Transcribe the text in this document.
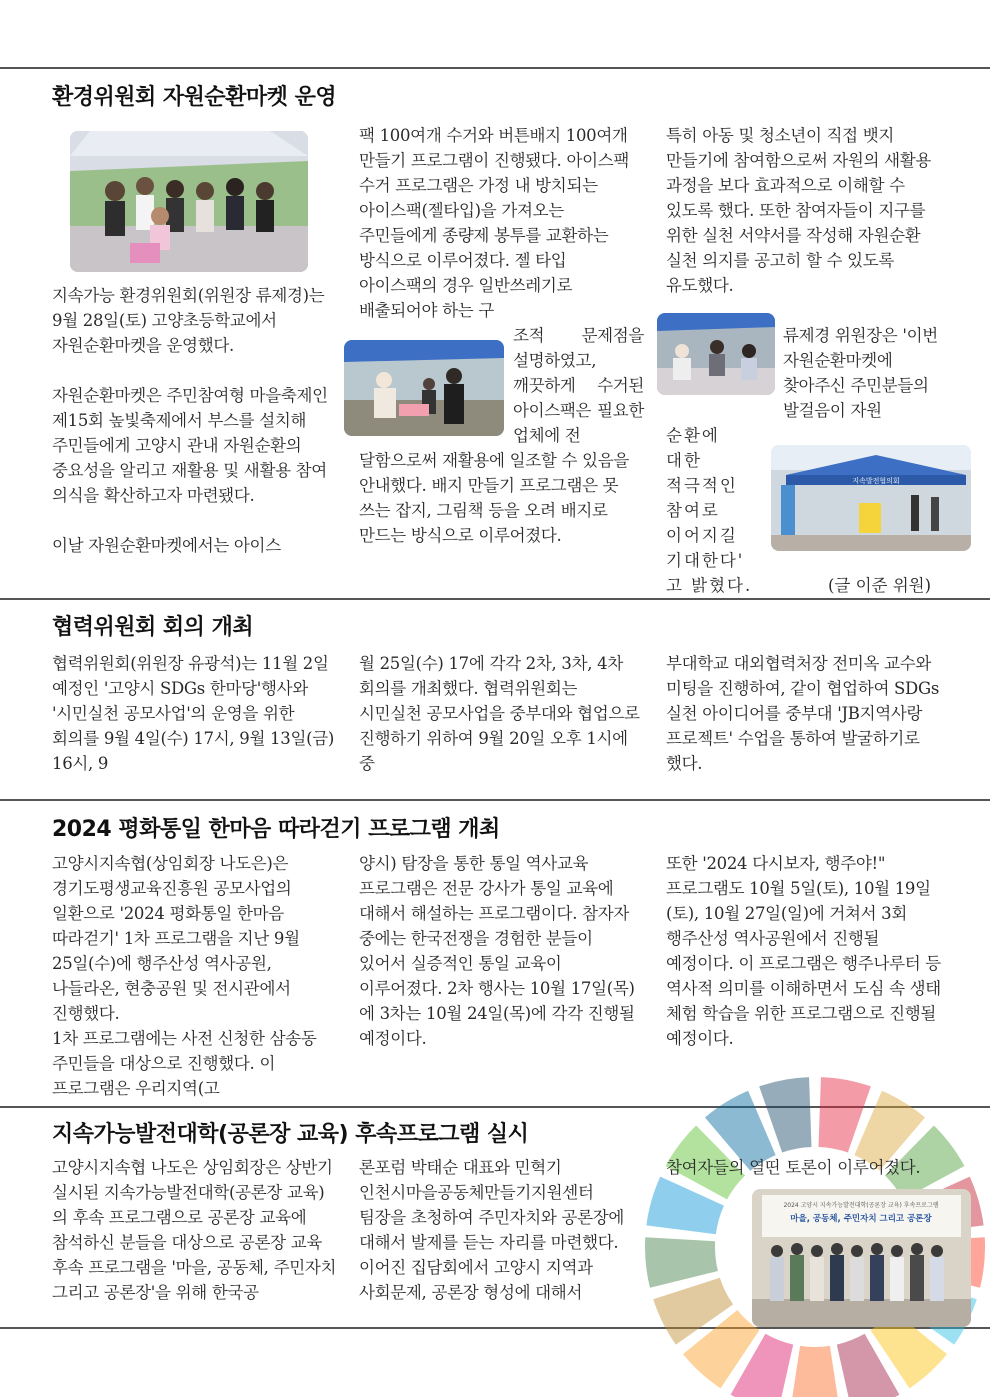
환경위원회 자원순환마켓 운영

지속가능 환경위원회(위원장 류제경)는 9월 28일(토) 고양초등학교에서 자원순환마켓을 운영했다.

자원순환마켓은 주민참여형 마을축제인 제15회 높빛축제에서 부스를 설치해 주민들에게 고양시 관내 자원순환의 중요성을 알리고 재활용 및 새활용 참여 의식을 확산하고자 마련됐다.

이날 자원순환마켓에서는 아이스

팩 100여개 수거와 버튼배지 100여개 만들기 프로그램이 진행됐다. 아이스팩 수거 프로그램은 가정 내 방치되는 아이스팩(젤타입)을 가져오는 주민들에게 종량제 봉투를 교환하는 방식으로 이루어졌다. 젤 타입 아이스팩의 경우 일반쓰레기로 배출되어야 하는 구
조적 문제점을 설명하였고, 깨끗하게 수거된 아이스팩은 필요한 업체에 전
달함으로써 재활용에 일조할 수 있음을 안내했다. 배지 만들기 프로그램은 못 쓰는 잡지, 그림책 등을 오려 배지로 만드는 방식으로 이루어졌다.
특히 아동 및 청소년이 직접 뱃지 만들기에 참여함으로써 자원의 새활용 과정을 보다 효과적으로 이해할 수 있도록 했다. 또한 참여자들이 지구를 위한 실천 서약서를 작성해 자원순환 실천 의지를 공고히 할 수 있도록 유도했다.
류제경 위원장은 '이번 자원순환마켓에 찾아주신 주민분들의 발걸음이 자원
순환에 대한 적극적인 참여로 이어지길 기대한다' 고 밝혔다.
지속발전협의회
(글 이준 위원)
협력위원회 회의 개최
협력위원회(위원장 유광석)는 11월 2일 예정인 '고양시 SDGs 한마당'행사와 '시민실천 공모사업'의 운영을 위한 회의를 9월 4일(수) 17시, 9월 13일(금) 16시, 9
월 25일(수) 17에 각각 2차, 3차, 4차 회의를 개최했다. 협력위원회는 시민실천 공모사업을 중부대와 협업으로 진행하기 위하여 9월 20일 오후 1시에 중
부대학교 대외협력처장 전미옥 교수와 미팅을 진행하여, 같이 협업하여 SDGs 실천 아이디어를 중부대 'JB지역사랑 프로젝트' 수업을 통하여 발굴하기로 했다.
2024 평화통일 한마음 따라걷기 프로그램 개최

고양시지속협(상임회장 나도은)은 경기도평생교육진흥원 공모사업의 일환으로 '2024 평화통일 한마음 따라걷기' 1차 프로그램을 지난 9월 25일(수)에 행주산성 역사공원, 나들라온, 현충공원 및 전시관에서 진행했다.

1차 프로그램에는 사전 신청한 삼송동 주민들을 대상으로 진행했다. 이 프로그램은 우리지역(고

양시) 탐장을 통한 통일 역사교육 프로그램은 전문 강사가 통일 교육에 대해서 해설하는 프로그램이다. 참자자 중에는 한국전쟁을 경험한 분들이 있어서 실증적인 통일 교육이 이루어졌다. 2차 행사는 10월 17일(목)에 3차는 10월 24일(목)에 각각 진행될 예정이다.
또한 '2024 다시보자, 행주야!" 프로그램도 10월 5일(토), 10월 19일(토), 10월 27일(일)에 거쳐서 3회 행주산성 역사공원에서 진행될 예정이다. 이 프로그램은 행주나루터 등 역사적 의미를 이해하면서 도심 속 생태 체험 학습을 위한 프로그램으로 진행될 예정이다.
지속가능발전대학(공론장 교육) 후속프로그램 실시
고양시지속협 나도은 상임회장은 상반기 실시된 지속가능발전대학(공론장 교육)의 후속 프로그램으로 공론장 교육에 참석하신 분들을 대상으로 공론장 교육 후속 프로그램을 '마을, 공동체, 주민자치 그리고 공론장'을 위해 한국공

론포럼 박태순 대표와 민혁기 인천시마을공동체만들기지원센터 팀장을 초청하여 주민자치와 공론장에 대해서 발제를 듣는 자리를 마련했다.

이어진 집담회에서 고양시 지역과 사회문제, 공론장 형성에 대해서

참여자들의 열띤 토론이 이루어졌다.
2024 고양시 지속가능발전대학(공론장 교육) 후속프로그램
마을, 공동체, 주민자치 그리고 공론장
